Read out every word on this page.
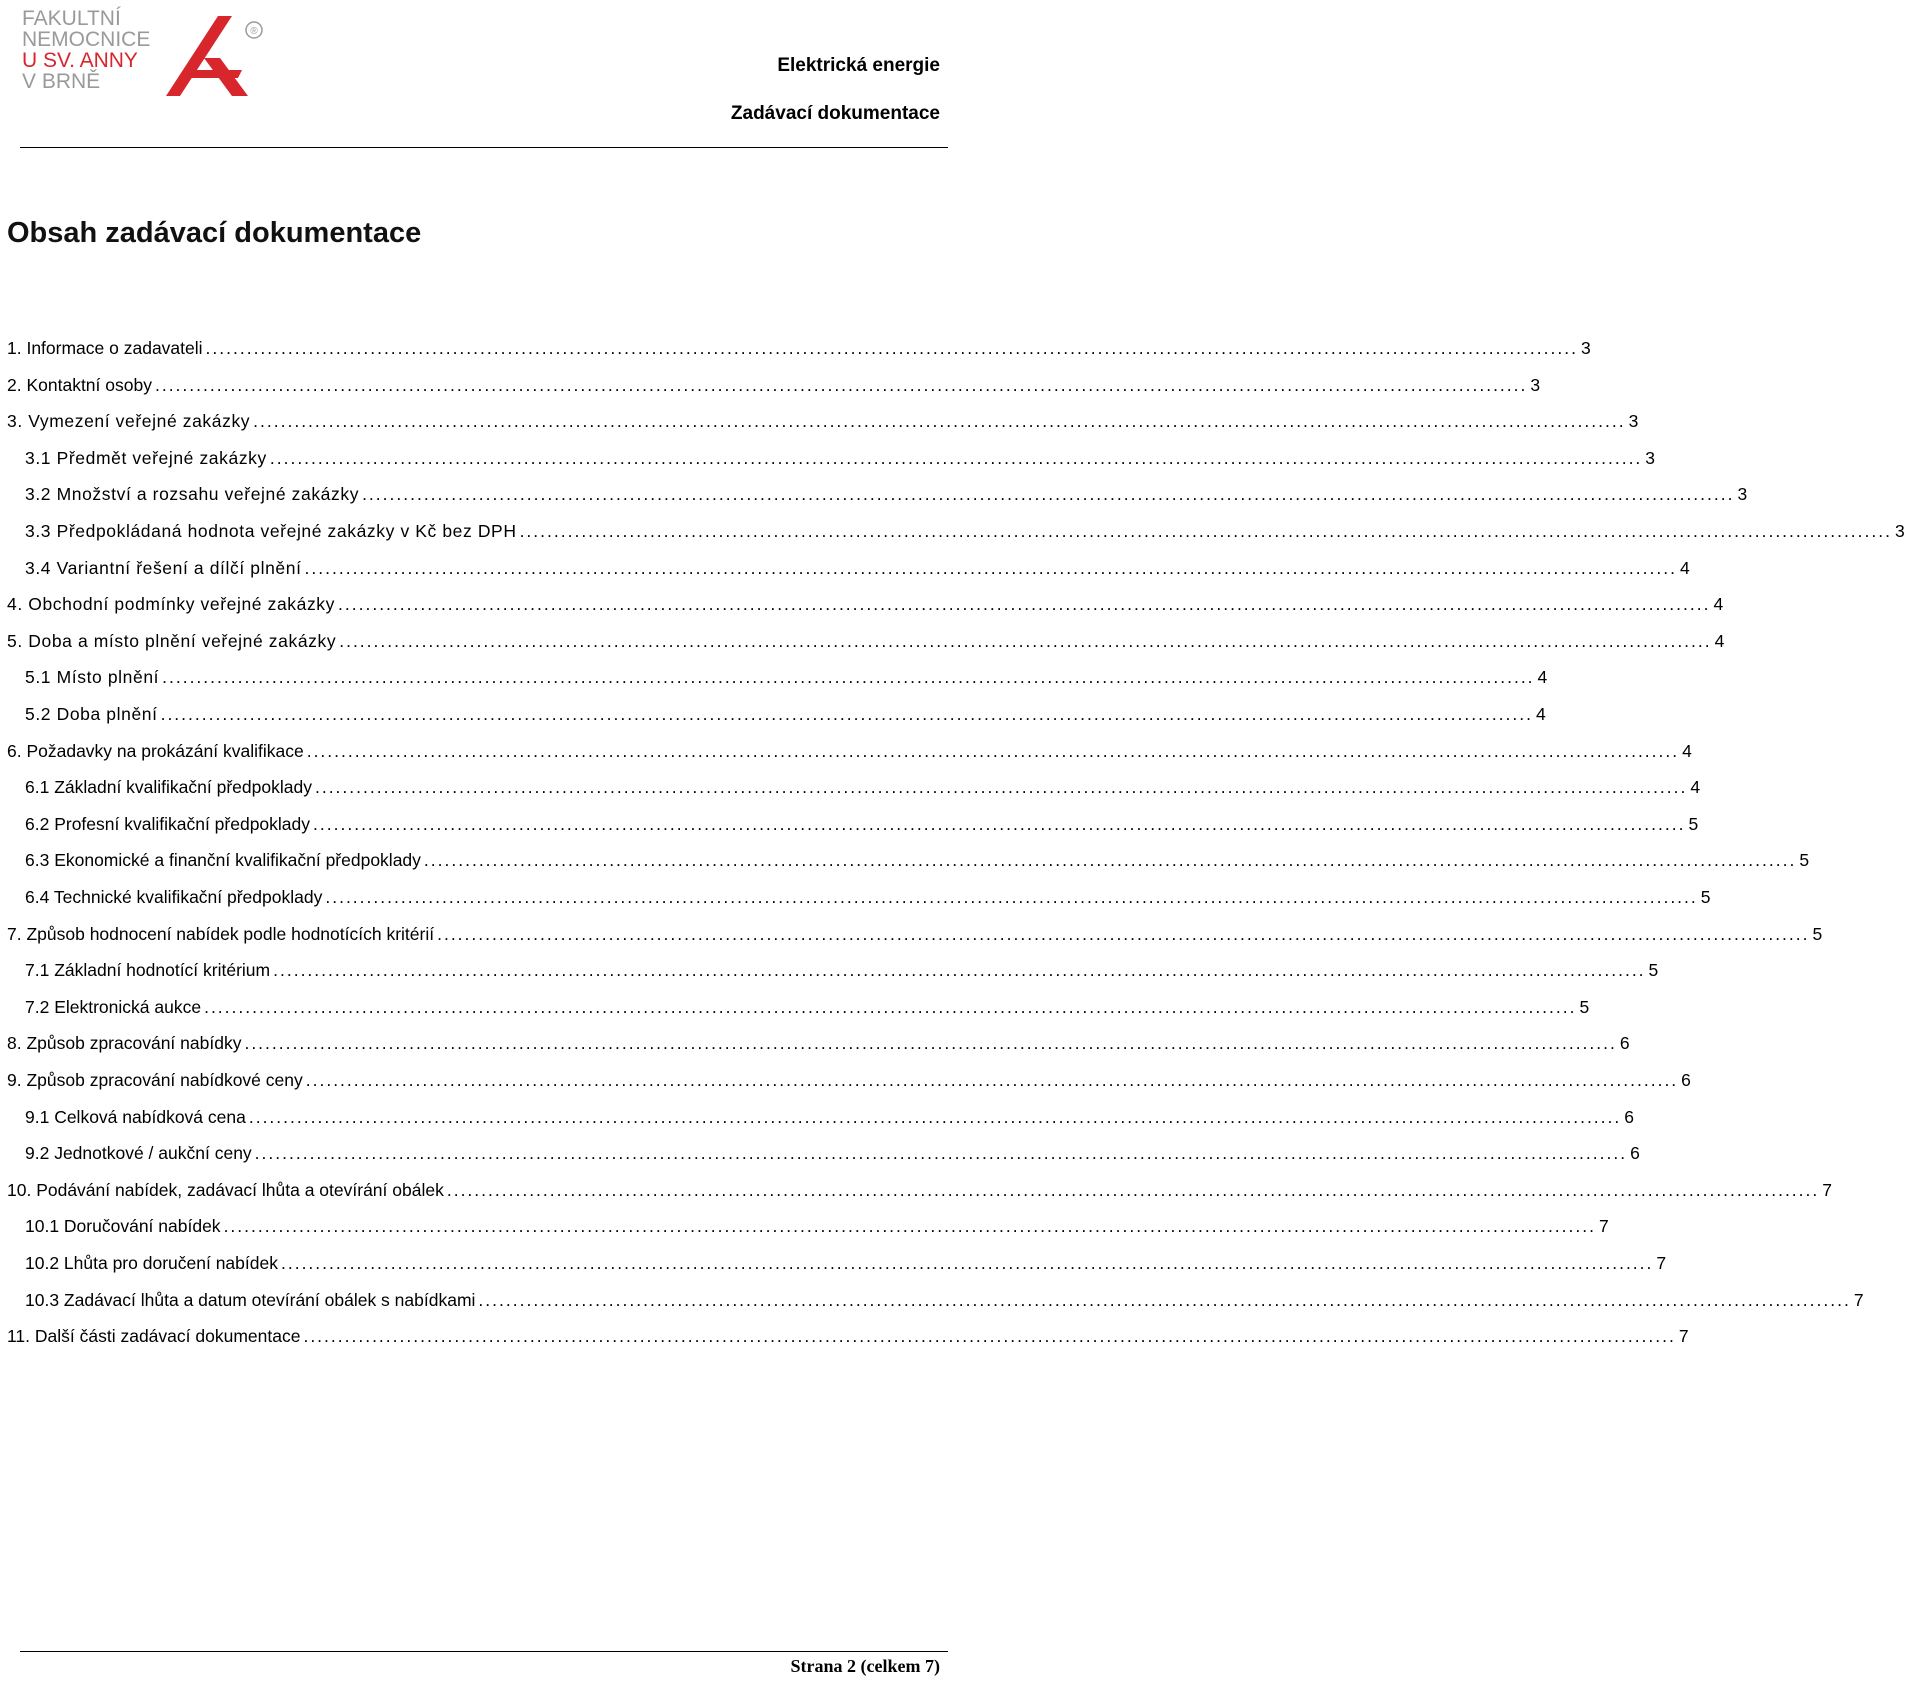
FAKULTNÍ
NEMOCNICE
U SV. ANNY
V BRNĚ
®
Elektrická energie
Zadávací dokumentace
Obsah zadávací dokumentace
1. Informace o zadavateli ........................................................................................................................................................................................................ 3
2. Kontaktní osoby ........................................................................................................................................................................................................ 3
3. Vymezení veřejné zakázky ........................................................................................................................................................................................................ 3
3.1 Předmět veřejné zakázky ........................................................................................................................................................................................................ 3
3.2 Množství a rozsahu veřejné zakázky ........................................................................................................................................................................................................ 3
3.3 Předpokládaná hodnota veřejné zakázky v Kč bez DPH ........................................................................................................................................................................................................ 3
3.4 Variantní řešení a dílčí plnění ........................................................................................................................................................................................................ 4
4. Obchodní podmínky veřejné zakázky ........................................................................................................................................................................................................ 4
5. Doba a místo plnění veřejné zakázky ........................................................................................................................................................................................................ 4
5.1 Místo plnění ........................................................................................................................................................................................................ 4
5.2 Doba plnění ........................................................................................................................................................................................................ 4
6. Požadavky na prokázání kvalifikace ........................................................................................................................................................................................................ 4
6.1 Základní kvalifikační předpoklady ........................................................................................................................................................................................................ 4
6.2 Profesní kvalifikační předpoklady ........................................................................................................................................................................................................ 5
6.3 Ekonomické a finanční kvalifikační předpoklady ........................................................................................................................................................................................................ 5
6.4 Technické kvalifikační předpoklady ........................................................................................................................................................................................................ 5
7. Způsob hodnocení nabídek podle hodnotících kritérií ........................................................................................................................................................................................................ 5
7.1 Základní hodnotící kritérium ........................................................................................................................................................................................................ 5
7.2 Elektronická aukce ........................................................................................................................................................................................................ 5
8. Způsob zpracování nabídky ........................................................................................................................................................................................................ 6
9. Způsob zpracování nabídkové ceny ........................................................................................................................................................................................................ 6
9.1 Celková nabídková cena ........................................................................................................................................................................................................ 6
9.2 Jednotkové / aukční ceny ........................................................................................................................................................................................................ 6
10. Podávání nabídek, zadávací lhůta a otevírání obálek ........................................................................................................................................................................................................ 7
10.1 Doručování nabídek ........................................................................................................................................................................................................ 7
10.2 Lhůta pro doručení nabídek ........................................................................................................................................................................................................ 7
10.3 Zadávací lhůta a datum otevírání obálek s nabídkami ........................................................................................................................................................................................................ 7
11. Další části zadávací dokumentace ........................................................................................................................................................................................................ 7
Strana 2 (celkem 7)
